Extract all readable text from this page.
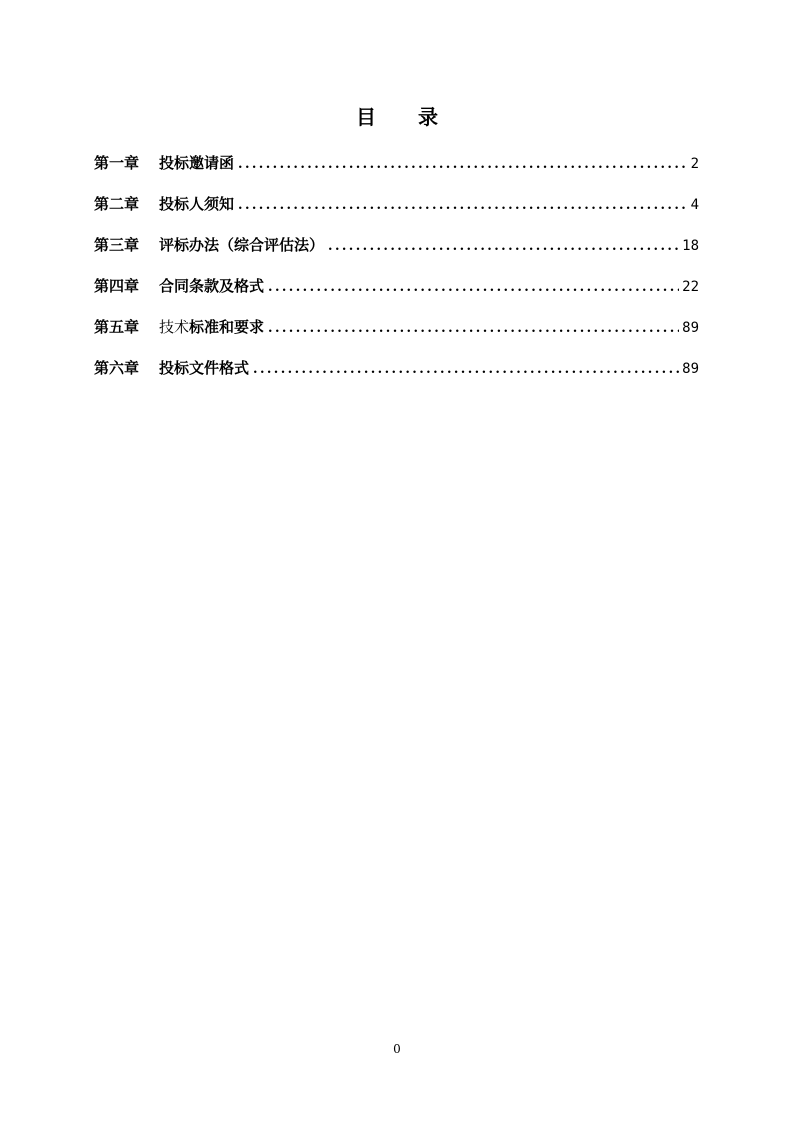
目录
第一章	投标邀请函 .....	2
第二章	投标人须知 .....	4
第三章	评标办法（综合评估法） .....	18
第四章	合同条款及格式 .....	22
第五章	技术标准和要求 .....	89
第六章	投标文件格式 .....	89
0
